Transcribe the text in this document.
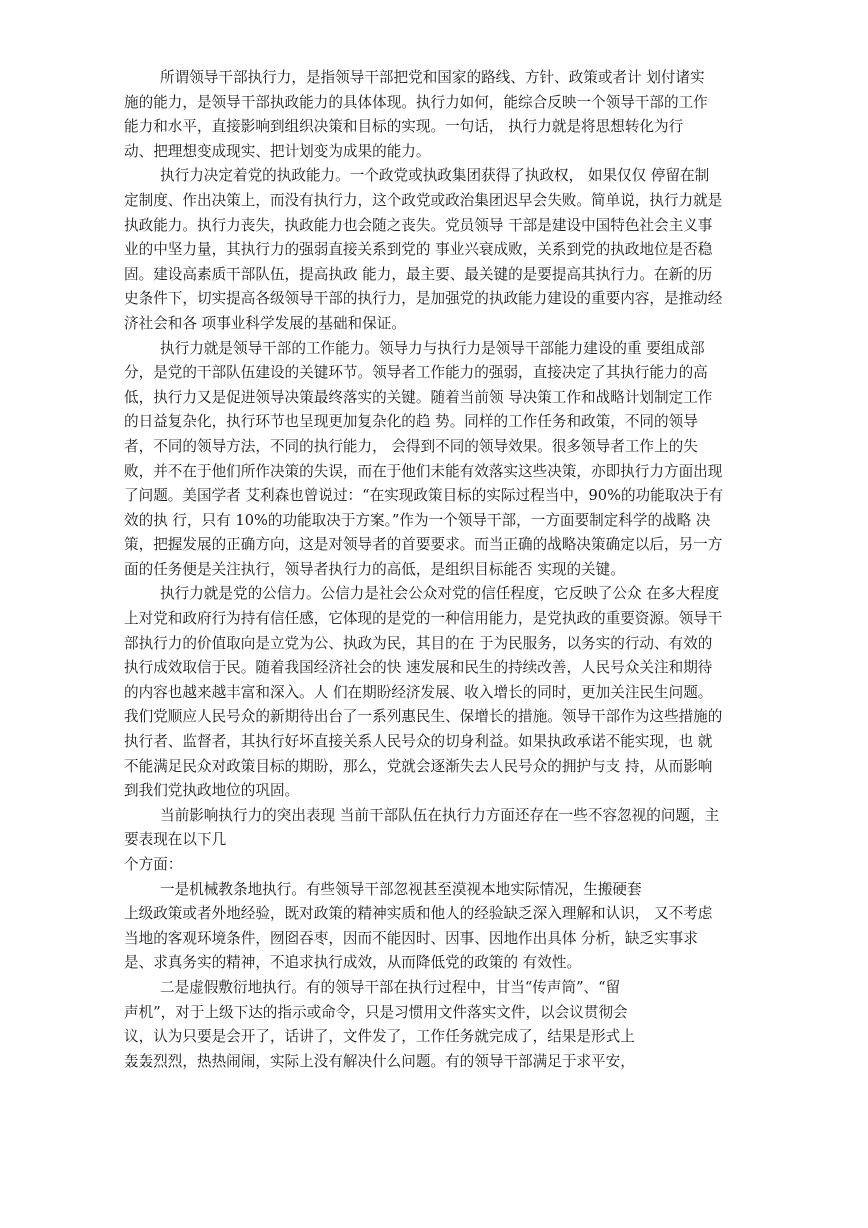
所谓领导干部执行力，是指领导干部把党和国家的路线、方针、政策或者计 划付诸实
施的能力，是领导干部执政能力的具体体现。执行力如何，能综合反映一个领导干部的工作
能力和水平，直接影响到组织决策和目标的实现。一句话， 执行力就是将思想转化为行
动、把理想变成现实、把计划变为成果的能力。
执行力决定着党的执政能力。一个政党或执政集团获得了执政权， 如果仅仅 停留在制
定制度、作出决策上，而没有执行力，这个政党或政治集团迟早会失败。简单说，执行力就是
执政能力。执行力丧失，执政能力也会随之丧失。党员领导 干部是建设中国特色社会主义事
业的中坚力量，其执行力的强弱直接关系到党的 事业兴衰成败，关系到党的执政地位是否稳
固。建设高素质干部队伍，提高执政 能力，最主要、最关键的是要提高其执行力。在新的历
史条件下，切实提高各级领导干部的执行力，是加强党的执政能力建设的重要内容，是推动经
济社会和各 项事业科学发展的基础和保证。
执行力就是领导干部的工作能力。领导力与执行力是领导干部能力建设的重 要组成部
分，是党的干部队伍建设的关键环节。领导者工作能力的强弱，直接决定了其执行能力的高
低，执行力又是促进领导决策最终落实的关键。随着当前领 导决策工作和战略计划制定工作
的日益复杂化，执行环节也呈现更加复杂化的趋 势。同样的工作任务和政策，不同的领导
者，不同的领导方法，不同的执行能力， 会得到不同的领导效果。很多领导者工作上的失
败，并不在于他们所作决策的失误，而在于他们未能有效落实这些决策，亦即执行力方面出现
了问题。美国学者 艾利森也曾说过：“在实现政策目标的实际过程当中，90%的功能取决于有
效的执 行，只有 10%的功能取决于方案。”作为一个领导干部，一方面要制定科学的战略 决
策，把握发展的正确方向，这是对领导者的首要要求。而当正确的战略决策确定以后，另一方
面的任务便是关注执行，领导者执行力的高低，是组织目标能否 实现的关键。
执行力就是党的公信力。公信力是社会公众对党的信任程度，它反映了公众 在多大程度
上对党和政府行为持有信任感，它体现的是党的一种信用能力，是党执政的重要资源。领导干
部执行力的价值取向是立党为公、执政为民，其目的在 于为民服务，以务实的行动、有效的
执行成效取信于民。随着我国经济社会的快 速发展和民生的持续改善，人民号众关注和期待
的内容也越来越丰富和深入。人 们在期盼经济发展、收入增长的同时，更加关注民生问题。
我们党顺应人民号众的新期待出台了一系列惠民生、保增长的措施。领导干部作为这些措施的
执行者、监督者，其执行好坏直接关系人民号众的切身利益。如果执政承诺不能实现，也 就
不能满足民众对政策目标的期盼，那么，党就会逐渐失去人民号众的拥护与支 持，从而影响
到我们党执政地位的巩固。
当前影响执行力的突出表现 当前干部队伍在执行力方面还存在一些不容忽视的问题，主
要表现在以下几
个方面：
一是机械教条地执行。有些领导干部忽视甚至漠视本地实际情况，生搬硬套
上级政策或者外地经验，既对政策的精神实质和他人的经验缺乏深入理解和认识， 又不考虑
当地的客观环境条件，囫囵吞枣，因而不能因时、因事、因地作出具体 分析，缺乏实事求
是、求真务实的精神，不追求执行成效，从而降低党的政策的 有效性。
二是虚假敷衍地执行。有的领导干部在执行过程中，甘当“传声筒”、“留
声机”，对于上级下达的指示或命令，只是习惯用文件落实文件，以会议贯彻会
议，认为只要是会开了，话讲了，文件发了，工作任务就完成了，结果是形式上
轰轰烈烈，热热闹闹，实际上没有解决什么问题。有的领导干部满足于求平安，
